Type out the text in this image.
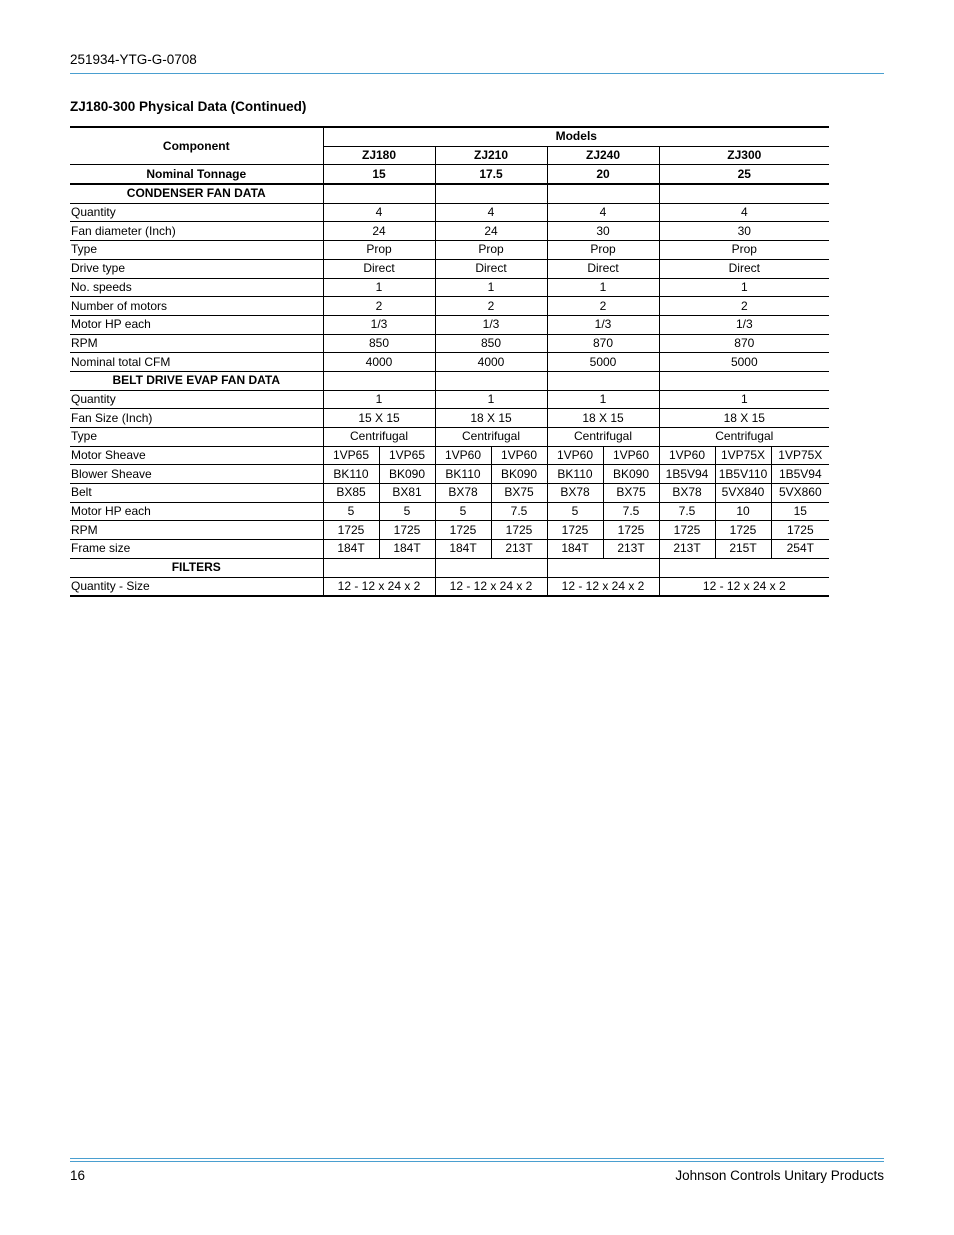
251934-YTG-G-0708
ZJ180-300 Physical Data (Continued)
Component	Models								
	ZJ180		ZJ210		ZJ240		ZJ300		
Nominal Tonnage	15		17.5		20		25		
CONDENSER FAN DATA									
Quantity	4		4		4		4		
Fan diameter (Inch)	24		24		30		30		
Type	Prop		Prop		Prop		Prop		
Drive type	Direct		Direct		Direct		Direct		
No. speeds	1		1		1		1		
Number of motors	2		2		2		2		
Motor HP each	1/3		1/3		1/3		1/3		
RPM	850		850		870		870		
Nominal total CFM	4000		4000		5000		5000		
BELT DRIVE EVAP FAN DATA									
Quantity	1		1		1		1		
Fan Size (Inch)	15 X 15		18 X 15		18 X 15		18 X 15		
Type	Centrifugal		Centrifugal		Centrifugal		Centrifugal		
Motor Sheave	1VP65	1VP65	1VP60	1VP60	1VP60	1VP60	1VP60	1VP75X	1VP75X
Blower Sheave	BK110	BK090	BK110	BK090	BK110	BK090	1B5V94	1B5V110	1B5V94
Belt	BX85	BX81	BX78	BX75	BX78	BX75	BX78	5VX840	5VX860
Motor HP each	5	5	5	7.5	5	7.5	7.5	10	15
RPM	1725	1725	1725	1725	1725	1725	1725	1725	1725
Frame size	184T	184T	184T	213T	184T	213T	213T	215T	254T
FILTERS									
Quantity - Size	12 - 12 x 24 x 2		12 - 12 x 24 x 2		12 - 12 x 24 x 2		12 - 12 x 24 x 2		
16	Johnson Controls Unitary Products
